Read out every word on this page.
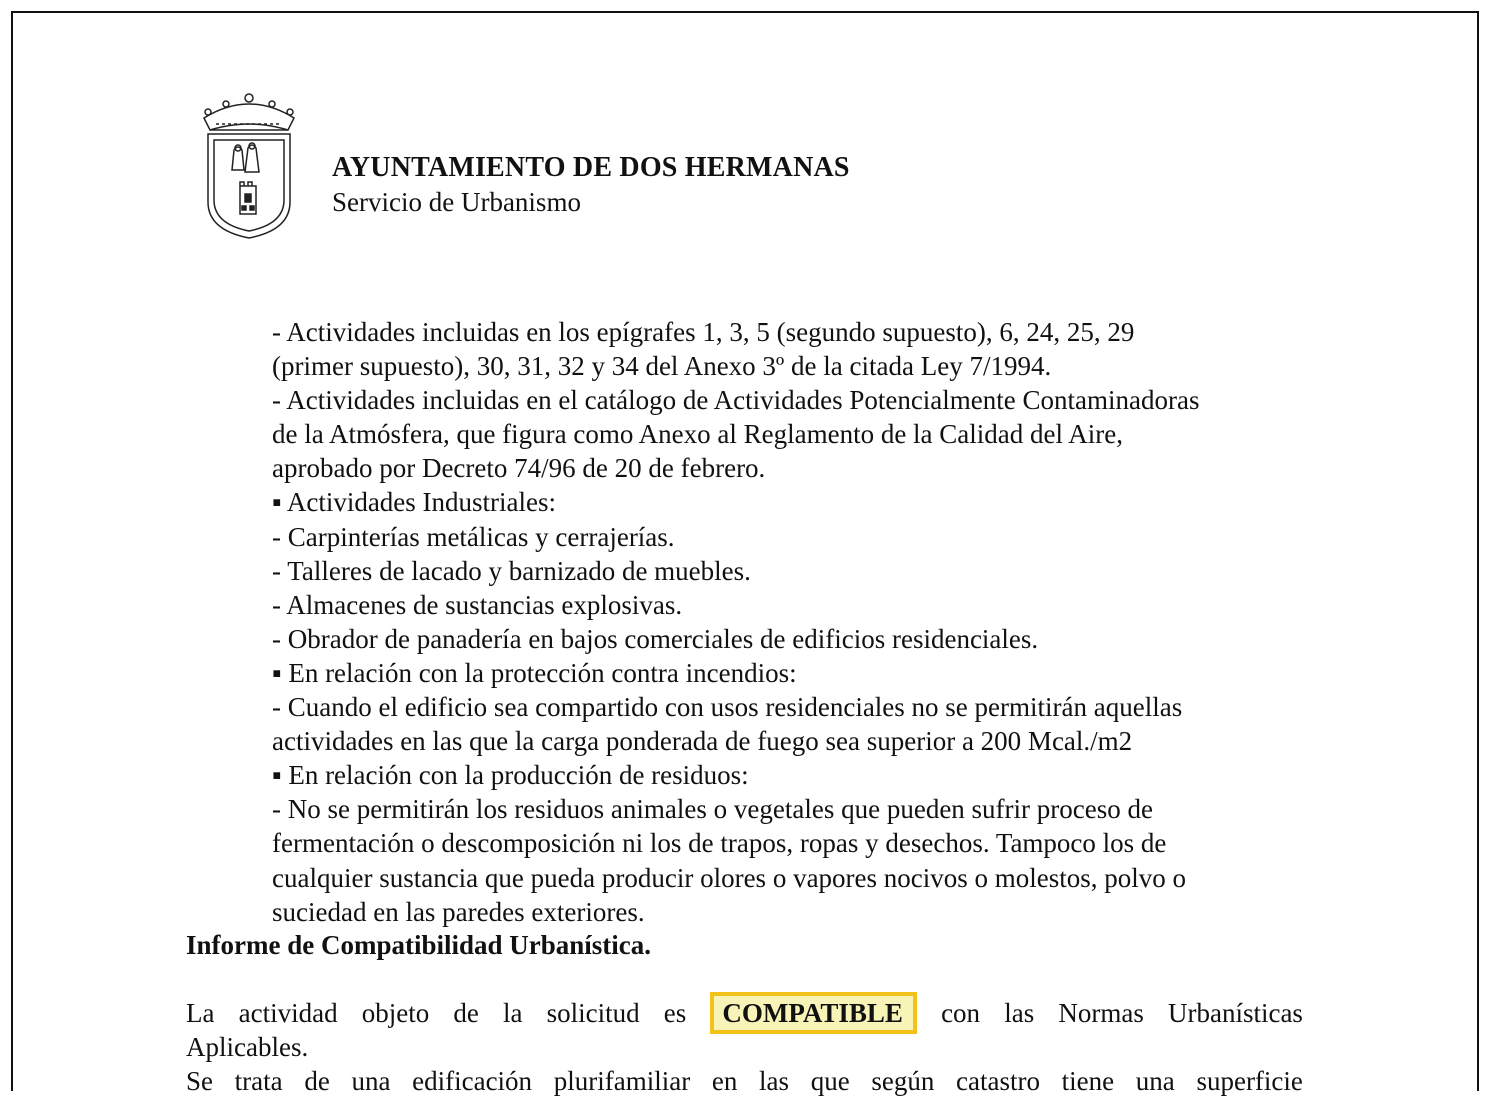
AYUNTAMIENTO DE DOS HERMANAS
Servicio de Urbanismo
- Actividades incluidas en los epígrafes 1, 3, 5 (segundo supuesto), 6, 24, 25, 29
(primer supuesto), 30, 31, 32 y 34 del Anexo 3º de la citada Ley 7/1994.
- Actividades incluidas en el catálogo de Actividades Potencialmente Contaminadoras
de la Atmósfera, que figura como Anexo al Reglamento de la Calidad del Aire,
aprobado por Decreto 74/96 de 20 de febrero.
▪ Actividades Industriales:
- Carpinterías metálicas y cerrajerías.
- Talleres de lacado y barnizado de muebles.
- Almacenes de sustancias explosivas.
- Obrador de panadería en bajos comerciales de edificios residenciales.
▪ En relación con la protección contra incendios:
- Cuando el edificio sea compartido con usos residenciales no se permitirán aquellas
actividades en las que la carga ponderada de fuego sea superior a 200 Mcal./m2
▪ En relación con la producción de residuos:
- No se permitirán los residuos animales o vegetales que pueden sufrir proceso de
fermentación o descomposición ni los de trapos, ropas y desechos. Tampoco los de
cualquier sustancia que pueda producir olores o vapores nocivos o molestos, polvo o
suciedad en las paredes exteriores.
Informe de Compatibilidad Urbanística.
La actividad objeto de la solicitud es	COMPATIBLE	con las Normas Urbanísticas
Aplicables.
Se trata de una edificación plurifamiliar en las que según catastro tiene una superficie
